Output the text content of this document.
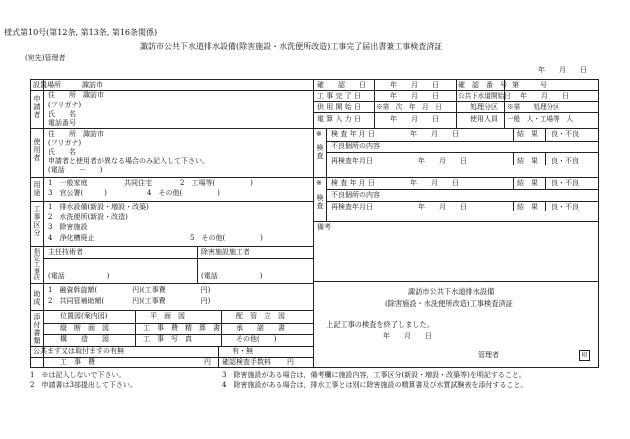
様式第10号(第12条, 第13条, 第16条関係)
諏訪市公共下水道排水設備(除害施設・水洗便所改造)工事完了届出書兼工事検査済証
(宛先)管理者
年　　月　　日
設置場所	諏訪市
申請者 住　　所　諏訪市
(フリガナ)
氏　　名
電話番号
使用者
住　　所　諏訪市
(フリガナ)
氏　　名
申請者と使用者が異なる場合のみ記入して下さい。
(電話　　－　　)
用途 1　一般家庭	共同住宅	2　工場等(　　　　　)
3　官公署(　　　)	4　その他(　　　　　)
工事区分 1　排水設備(新設・増設・改築)
2　水洗便所(新設・改造)
3　除害施設
4　浄化槽廃止	5　その他(　　　　　)
指定工事店 主任技術者	除害施設施工者
(電話　　　　　　)	(電話　　　　　　)
助成 1　融資斡旋額(　　　　　円)(工事費　　　　　円)
2　共同管補助額(　　　　円)(工事費　　　　　円)
添付書類	位置図(案内図)	平　面　図	配　管　立　図
縦　断　面　図	工　事　費　精　算　書 承　　諾　　書
構　　造　　図	工　事　写　真	その他(　　)
公共ます又は取付ますの有無	有・無
工　事　費	円 確認検査手数料 円
確　　認　　日	年　　月　　日	確　認　番　号 第　　　号
工 事 完 了 日	年　　月　　日	公共下水道開始日 年　　月　　日
供 用 開 始 日 ※第　次　年　月　日	処理分区 ※第　　処理分区
電 算 入 力 日	年　　月　　日	使用人員 一般　人・工場等　人
※
検査
検 査 年 月 日	年　　月　　日	結　果 良・不良
不良個所の内容
再検査年月日	年　　月　　日	結　果 良・不良
※
検査
検 査 年 月 日	年　　月　　日	結　果 良・不良
不良個所の内容
再検査年月日	年　　月　　日	結　果 良・不良
備考
諏訪市公共下水道排水設備
(除害施設・水洗便所改造)工事検査済証
上記工事の検査を終了しました。
年　　月　　日
管理者	印
1　※は記入しないで下さい。
2　申請書は3部提出して下さい。
3　除害施設がある場合は，備考欄に施設内容，工事区分(新設・増設・改築等)を明記すること。
4　除害施設がある場合は，排水工事とは別に除害施設の精算書及び水質試験表を添付すること。
